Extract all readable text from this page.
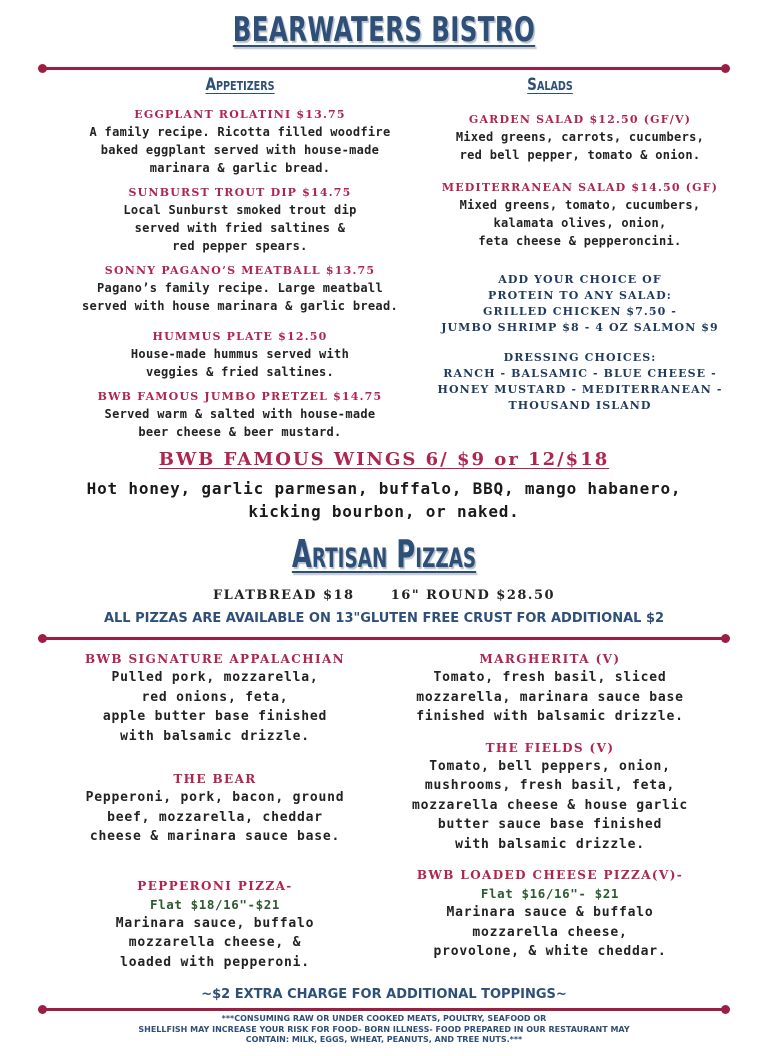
BEARWATERS BISTRO
Appetizers
EGGPLANT ROLATINI $13.75
A family recipe. Ricotta filled woodfire
baked eggplant served with house-made
marinara & garlic bread.
SUNBURST TROUT DIP $14.75
Local Sunburst smoked trout dip
served with fried saltines &
red pepper spears.
SONNY PAGANO’S MEATBALL $13.75
Pagano’s family recipe. Large meatball
served with house marinara & garlic bread.
HUMMUS PLATE $12.50
House-made hummus served with
veggies & fried saltines.
BWB FAMOUS JUMBO PRETZEL $14.75
Served warm & salted with house-made
beer cheese & beer mustard.
Salads
GARDEN SALAD $12.50 (GF/V)
Mixed greens, carrots, cucumbers,
red bell pepper, tomato & onion.
MEDITERRANEAN SALAD $14.50 (GF)
Mixed greens, tomato, cucumbers,
kalamata olives, onion,
feta cheese & pepperoncini.
ADD YOUR CHOICE OF
PROTEIN TO ANY SALAD:
GRILLED CHICKEN $7.50 -
JUMBO SHRIMP $8 - 4 OZ SALMON $9
DRESSING CHOICES:
RANCH - BALSAMIC - BLUE CHEESE -
HONEY MUSTARD - MEDITERRANEAN -
THOUSAND ISLAND
BWB FAMOUS WINGS 6/ $9 or 12/$18
Hot honey, garlic parmesan, buffalo, BBQ, mango habanero,
kicking bourbon, or naked.
Artisan Pizzas
FLATBREAD $18      16" ROUND $28.50
ALL PIZZAS ARE AVAILABLE ON 13"GLUTEN FREE CRUST FOR ADDITIONAL $2
BWB SIGNATURE APPALACHIAN
Pulled pork, mozzarella,
red onions, feta,
apple butter base finished
with balsamic drizzle.
THE BEAR
Pepperoni, pork, bacon, ground
beef, mozzarella, cheddar
cheese & marinara sauce base.
PEPPERONI PIZZA-
Flat $18/16"-$21
Marinara sauce, buffalo
mozzarella cheese, &
loaded with pepperoni.
MARGHERITA (V)
Tomato, fresh basil, sliced
mozzarella, marinara sauce base
finished with balsamic drizzle.
THE FIELDS (V)
Tomato, bell peppers, onion,
mushrooms, fresh basil, feta,
mozzarella cheese & house garlic
butter sauce base finished
with balsamic drizzle.
BWB LOADED CHEESE PIZZA(V)-
Flat $16/16"- $21
Marinara sauce & buffalo
mozzarella cheese,
provolone, & white cheddar.
~$2 EXTRA CHARGE FOR ADDITIONAL TOPPINGS~
***CONSUMING RAW OR UNDER COOKED MEATS, POULTRY, SEAFOOD OR
SHELLFISH MAY INCREASE YOUR RISK FOR FOOD- BORN ILLNESS- FOOD PREPARED IN OUR RESTAURANT MAY
CONTAIN: MILK, EGGS, WHEAT, PEANUTS, AND TREE NUTS.***
